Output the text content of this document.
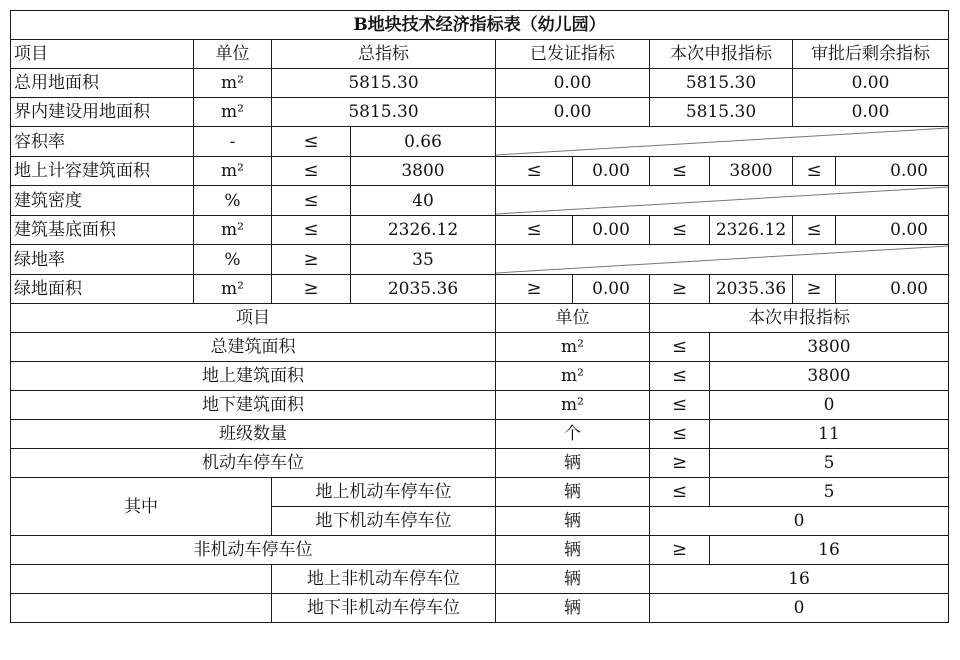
B地块技术经济指标表（幼儿园）									
项目	单位	总指标		已发证指标		本次申报指标		审批后剩余指标	
总用地面积	m²	5815.30		0.00		5815.30		0.00	
界内建设用地面积	m²	5815.30		0.00		5815.30		0.00	
容积率	-	≤	0.66	

地上计容建筑面积	m²	≤	3800	≤	0.00	≤	3800	≤	0.00
建筑密度	%	≤	40	

建筑基底面积	m²	≤	2326.12	≤	0.00	≤	2326.12	≤	0.00
绿地率	%	≥	35	

绿地面积	m²	≥	2035.36	≥	0.00	≥	2035.36	≥	0.00
项目				单位		本次申报指标			
总建筑面积				m²		≤	3800		
地上建筑面积				m²		≤	3800		
地下建筑面积				m²		≤	0		
班级数量				个		≤	11		
机动车停车位				辆		≥	5		
其中		地上机动车停车位		辆		≤	5		
		地下机动车停车位		辆		0			
非机动车停车位				辆		≥	16		
		地上非机动车停车位		辆		16			
		地下非机动车停车位		辆		0			
